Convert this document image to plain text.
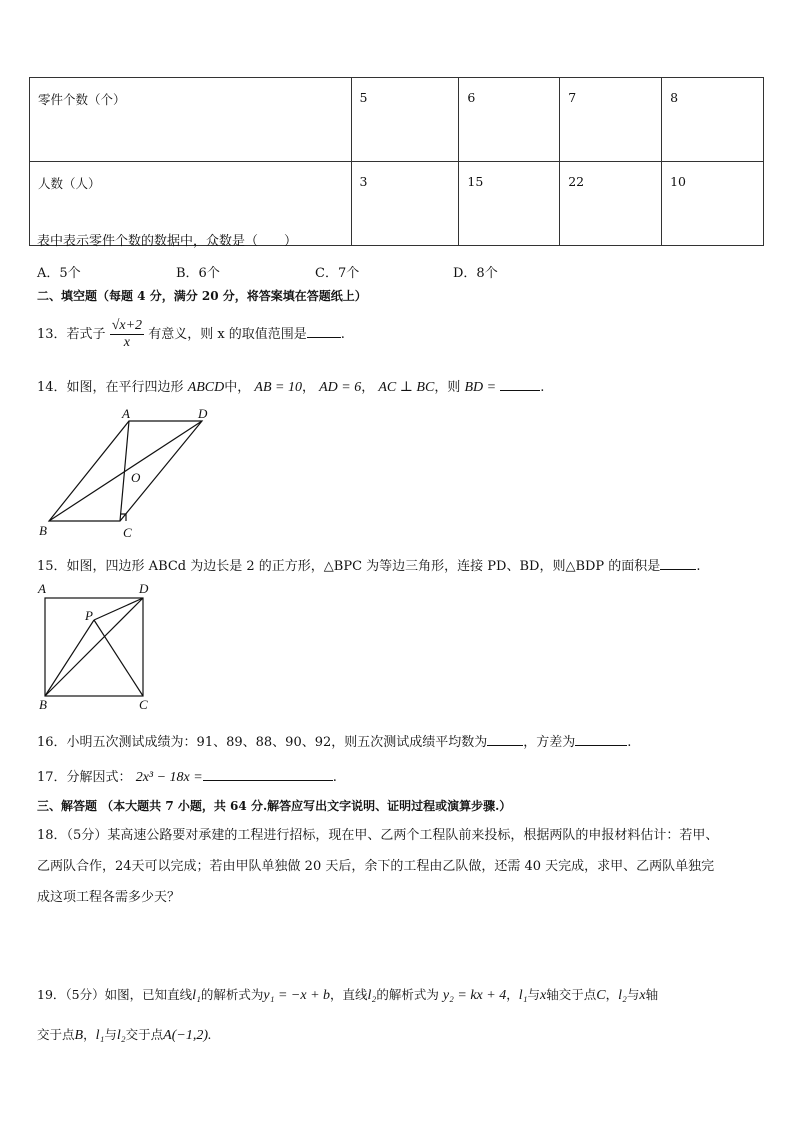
零件个数（个）	5	6	7	8
人数（人）	3	15	22	10
表中表示零件个数的数据中，众数是（　　）
A．5个	B．6个	C．7个	D．8个
二、填空题（每题 4 分，满分 20 分，将答案填在答题纸上）
13．若式子 $\frac{√x+2}{x}$ 有意义，则 x 的取值范围是	.
14．如图，在平行四边形 ABCD中， AB = 10， AD = 6， AC ⊥ BC，则 BD =	.
A	D
O
B	C
15．如图，四边形 ABCd 为边长是 2 的正方形，△BPC 为等边三角形，连接 PD、BD，则△BDP 的面积是	.
A	D
P
B	C
16．小明五次测试成绩为：91、89、88、90、92，则五次测试成绩平均数为	，方差为	.
17．分解因式： 2x³ − 18x =	.
三、解答题 （本大题共 7 小题，共 64 分.解答应写出文字说明、证明过程或演算步骤.）
18．（5分）某高速公路要对承建的工程进行招标，现在甲、乙两个工程队前来投标，根据两队的申报材料估计：若甲、
乙两队合作，24天可以完成；若由甲队单独做 20 天后，余下的工程由乙队做，还需 40 天完成，求甲、乙两队单独完
成这项工程各需多少天？
19．（5分）如图，已知直线l₁的解析式为y₁ = −x + b，直线l₂的解析式为 y₂ = kx + 4，l₁与x轴交于点C，l₂与x轴
交于点B，l₁与l₂交于点A(−1,2).
